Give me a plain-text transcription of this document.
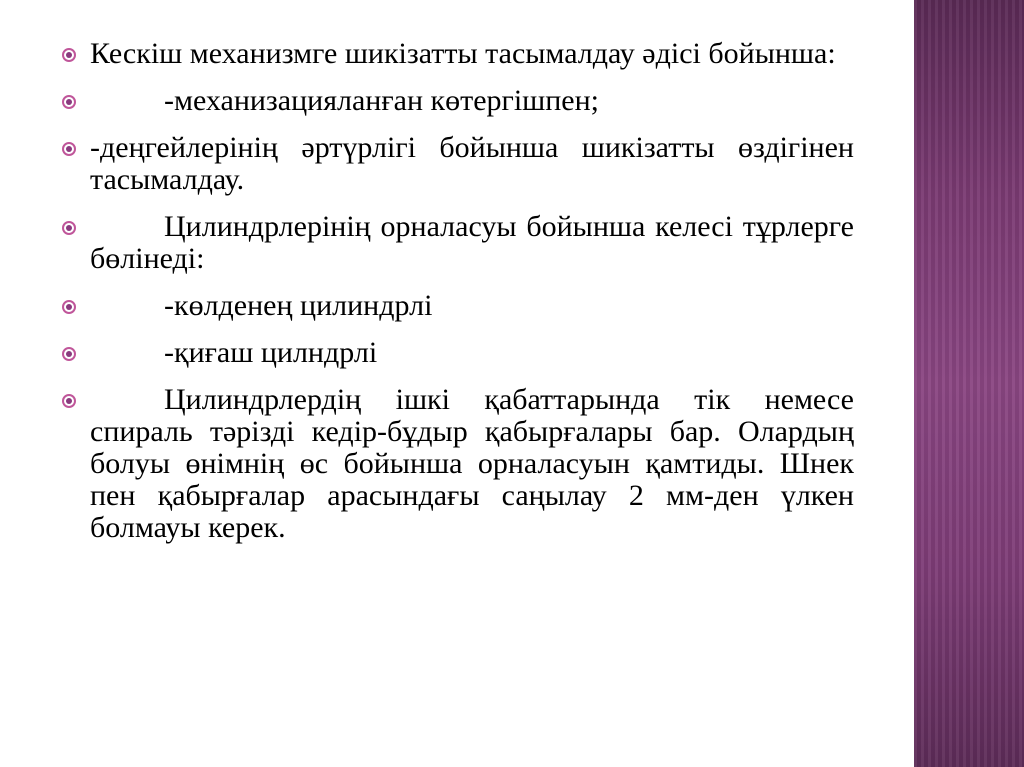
Кескіш механизмге шикізатты тасымалдау әдісі бойынша:
-механизацияланған көтергішпен;
-деңгейлерінің әртүрлігі бойынша шикізатты өздігінен тасымалдау.
Цилиндрлерінің орналасуы бойынша келесі тұрлерге бөлінеді:
-көлденең цилиндрлі
-қиғаш цилндрлі
Цилиндрлердің ішкі қабаттарында тік немесе спираль тәрізді кедір-бұдыр қабырғалары бар. Олардың болуы өнімнің өс бойынша орналасуын қамтиды. Шнек пен қабырғалар арасындағы саңылау 2 мм-ден үлкен болмауы керек.
